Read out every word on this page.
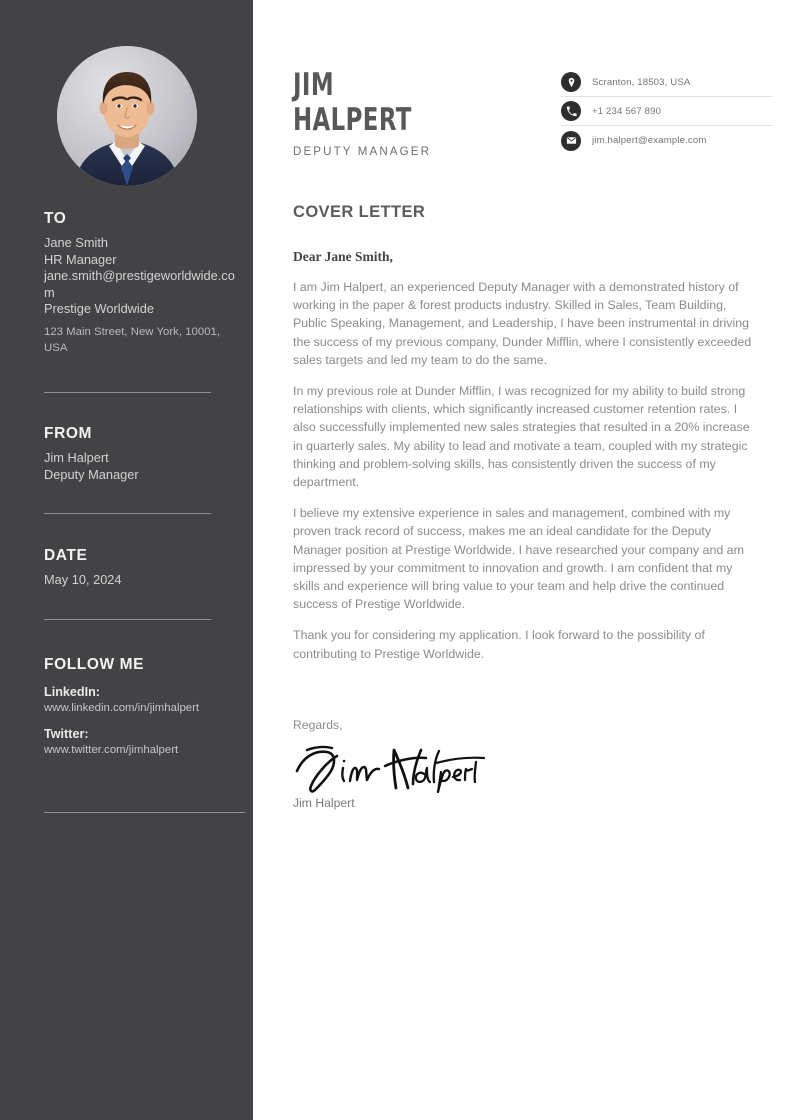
TO
Jane Smith
HR Manager
jane.smith@prestigeworldwide.com
Prestige Worldwide
123 Main Street, New York, 10001, USA
FROM
Jim Halpert
Deputy Manager
DATE
May 10, 2024
FOLLOW ME
LinkedIn:
www.linkedin.com/in/jimhalpert
Twitter:
www.twitter.com/jimhalpert
JIM
HALPERT
DEPUTY MANAGER
Scranton, 18503, USA
+1 234 567 890
jim.halpert@example.com
COVER LETTER
Dear Jane Smith,

I am Jim Halpert, an experienced Deputy Manager with a demonstrated history of working in the paper & forest products industry. Skilled in Sales, Team Building, Public Speaking, Management, and Leadership, I have been instrumental in driving the success of my previous company, Dunder Mifflin, where I consistently exceeded sales targets and led my team to do the same.

In my previous role at Dunder Mifflin, I was recognized for my ability to build strong relationships with clients, which significantly increased customer retention rates. I also successfully implemented new sales strategies that resulted in a 20% increase in quarterly sales. My ability to lead and motivate a team, coupled with my strategic thinking and problem-solving skills, has consistently driven the success of my department.

I believe my extensive experience in sales and management, combined with my proven track record of success, makes me an ideal candidate for the Deputy Manager position at Prestige Worldwide. I have researched your company and am impressed by your commitment to innovation and growth. I am confident that my skills and experience will bring value to your team and help drive the continued success of Prestige Worldwide.

Thank you for considering my application. I look forward to the possibility of contributing to Prestige Worldwide.

Regards,
Jim Halpert
